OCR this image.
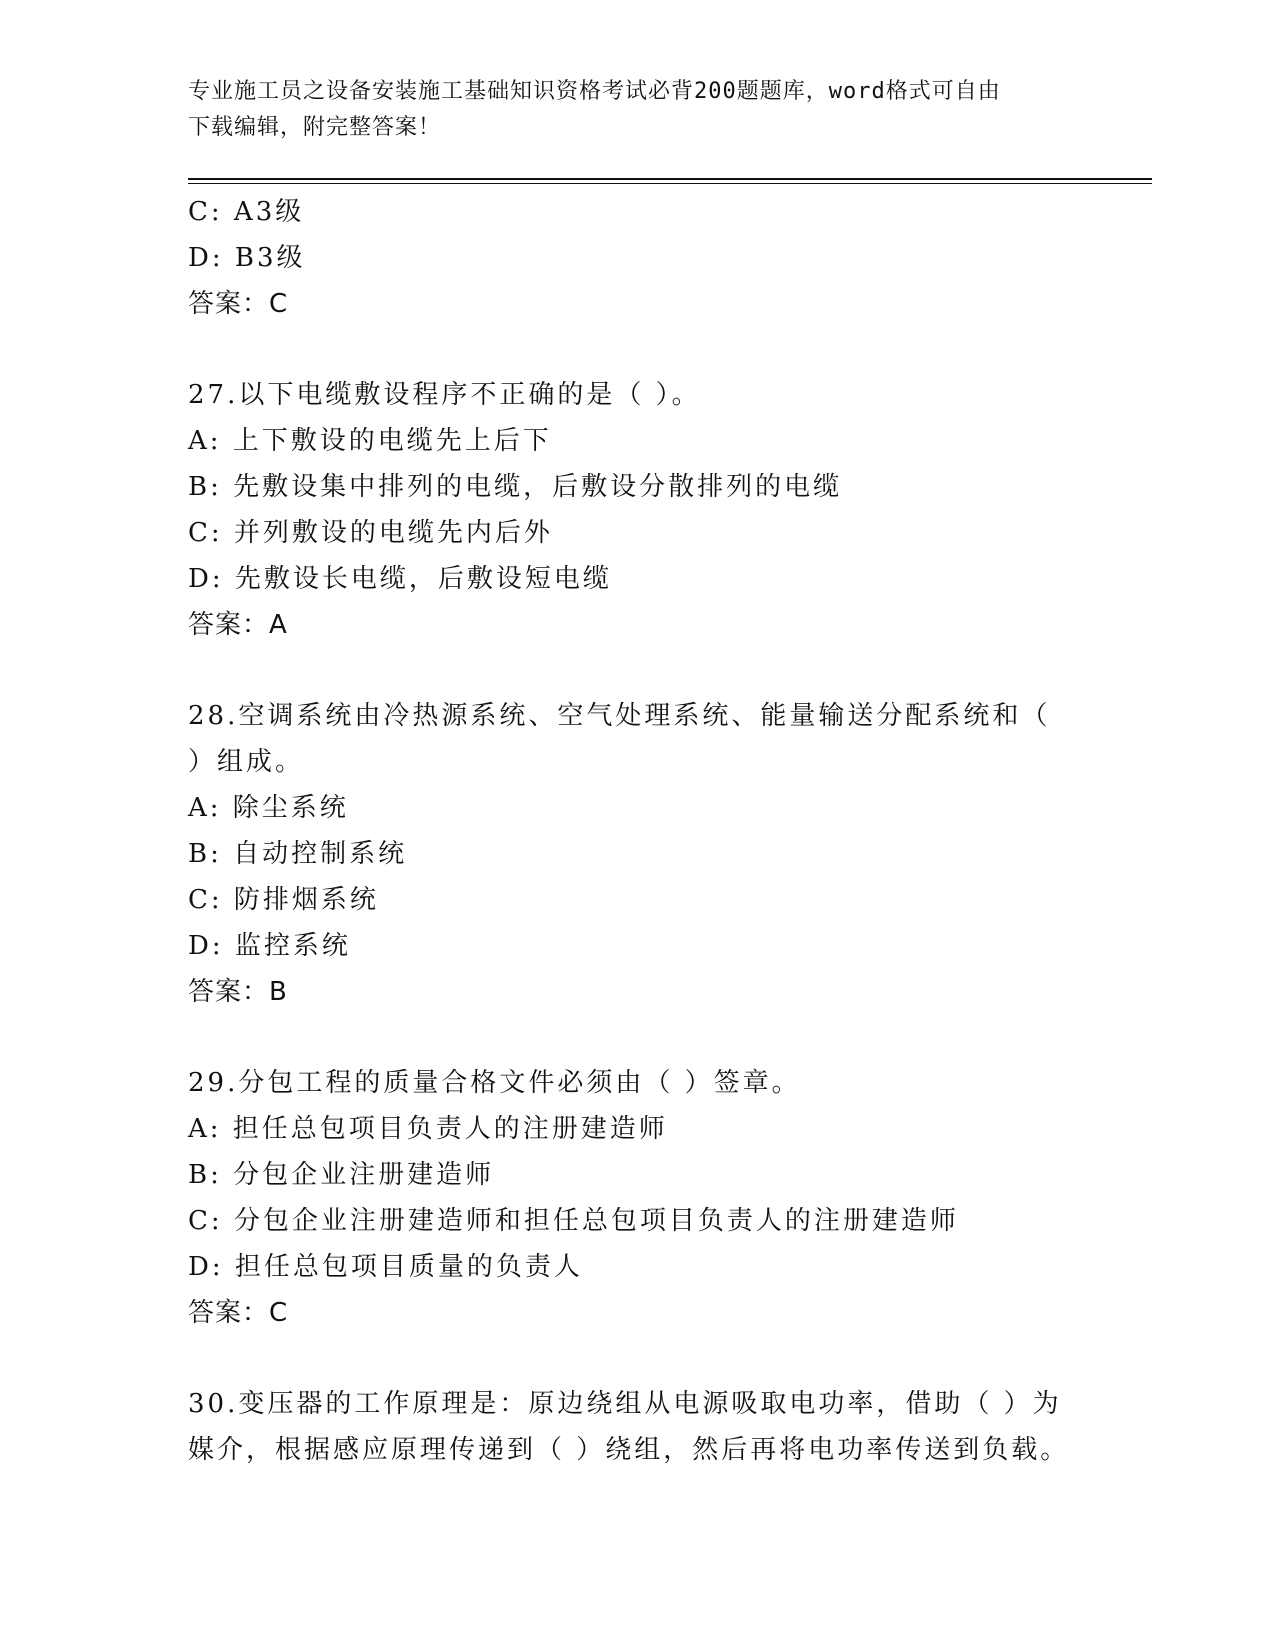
专业施工员之设备安装施工基础知识资格考试必背200题题库，word格式可自由
下载编辑，附完整答案！
C: A3级
D: B3级
答案：C
27.以下电缆敷设程序不正确的是（ ）。
A: 上下敷设的电缆先上后下
B: 先敷设集中排列的电缆，后敷设分散排列的电缆
C: 并列敷设的电缆先内后外
D: 先敷设长电缆，后敷设短电缆
答案：A
28.空调系统由冷热源系统、空气处理系统、能量输送分配系统和（
）组成。
A: 除尘系统
B: 自动控制系统
C: 防排烟系统
D: 监控系统
答案：B
29.分包工程的质量合格文件必须由（ ）签章。
A: 担任总包项目负责人的注册建造师
B: 分包企业注册建造师
C: 分包企业注册建造师和担任总包项目负责人的注册建造师
D: 担任总包项目质量的负责人
答案：C
30.变压器的工作原理是：原边绕组从电源吸取电功率，借助（ ）为
媒介，根据感应原理传递到（ ）绕组，然后再将电功率传送到负载。
